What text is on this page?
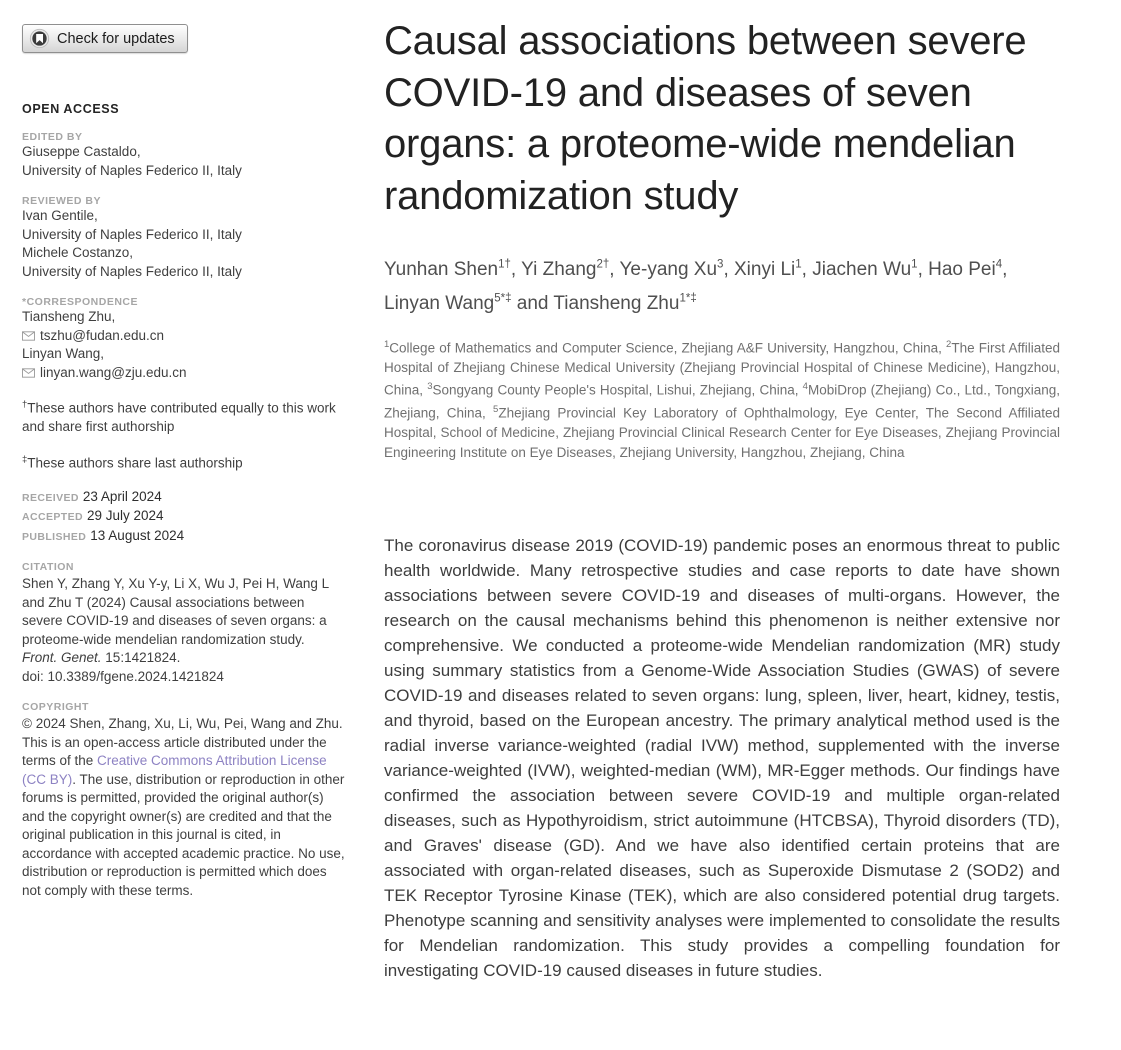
Check for updates
OPEN ACCESS
EDITED BY
Giuseppe Castaldo,
University of Naples Federico II, Italy
REVIEWED BY
Ivan Gentile,
University of Naples Federico II, Italy
Michele Costanzo,
University of Naples Federico II, Italy
*CORRESPONDENCE
Tiansheng Zhu,
tszhu@fudan.edu.cn
Linyan Wang,
linyan.wang@zju.edu.cn
†These authors have contributed equally to this work and share first authorship
‡These authors share last authorship
RECEIVED 23 April 2024
ACCEPTED 29 July 2024
PUBLISHED 13 August 2024
CITATION
Shen Y, Zhang Y, Xu Y-y, Li X, Wu J, Pei H, Wang L and Zhu T (2024) Causal associations between severe COVID-19 and diseases of seven organs: a proteome-wide mendelian randomization study.
Front. Genet. 15:1421824.
doi: 10.3389/fgene.2024.1421824
COPYRIGHT
© 2024 Shen, Zhang, Xu, Li, Wu, Pei, Wang and Zhu. This is an open-access article distributed under the terms of the Creative Commons Attribution License (CC BY). The use, distribution or reproduction in other forums is permitted, provided the original author(s) and the copyright owner(s) are credited and that the original publication in this journal is cited, in accordance with accepted academic practice. No use, distribution or reproduction is permitted which does not comply with these terms.
Causal associations between severe COVID-19 and diseases of seven organs: a proteome-wide mendelian randomization study
Yunhan Shen$^{1\dagger}$, Yi Zhang$^{2\dagger}$, Ye-yang Xu$^3$, Xinyi Li$^1$, Jiachen Wu$^1$, Hao Pei$^4$, Linyan Wang$^{5*\ddagger}$ and Tiansheng Zhu$^{1*\ddagger}$
$^1$College of Mathematics and Computer Science, Zhejiang A&F University, Hangzhou, China, $^2$The First Affiliated Hospital of Zhejiang Chinese Medical University (Zhejiang Provincial Hospital of Chinese Medicine), Hangzhou, China, $^3$Songyang County People's Hospital, Lishui, Zhejiang, China, $^4$MobiDrop (Zhejiang) Co., Ltd., Tongxiang, Zhejiang, China, $^5$Zhejiang Provincial Key Laboratory of Ophthalmology, Eye Center, The Second Affiliated Hospital, School of Medicine, Zhejiang Provincial Clinical Research Center for Eye Diseases, Zhejiang Provincial Engineering Institute on Eye Diseases, Zhejiang University, Hangzhou, Zhejiang, China
The coronavirus disease 2019 (COVID-19) pandemic poses an enormous threat to public health worldwide. Many retrospective studies and case reports to date have shown associations between severe COVID-19 and diseases of multi-organs. However, the research on the causal mechanisms behind this phenomenon is neither extensive nor comprehensive. We conducted a proteome-wide Mendelian randomization (MR) study using summary statistics from a Genome-Wide Association Studies (GWAS) of severe COVID-19 and diseases related to seven organs: lung, spleen, liver, heart, kidney, testis, and thyroid, based on the European ancestry. The primary analytical method used is the radial inverse variance-weighted (radial IVW) method, supplemented with the inverse variance-weighted (IVW), weighted-median (WM), MR-Egger methods. Our findings have confirmed the association between severe COVID-19 and multiple organ-related diseases, such as Hypothyroidism, strict autoimmune (HTCBSA), Thyroid disorders (TD), and Graves' disease (GD). And we have also identified certain proteins that are associated with organ-related diseases, such as Superoxide Dismutase 2 (SOD2) and TEK Receptor Tyrosine Kinase (TEK), which are also considered potential drug targets. Phenotype scanning and sensitivity analyses were implemented to consolidate the results for Mendelian randomization. This study provides a compelling foundation for investigating COVID-19 caused diseases in future studies.
